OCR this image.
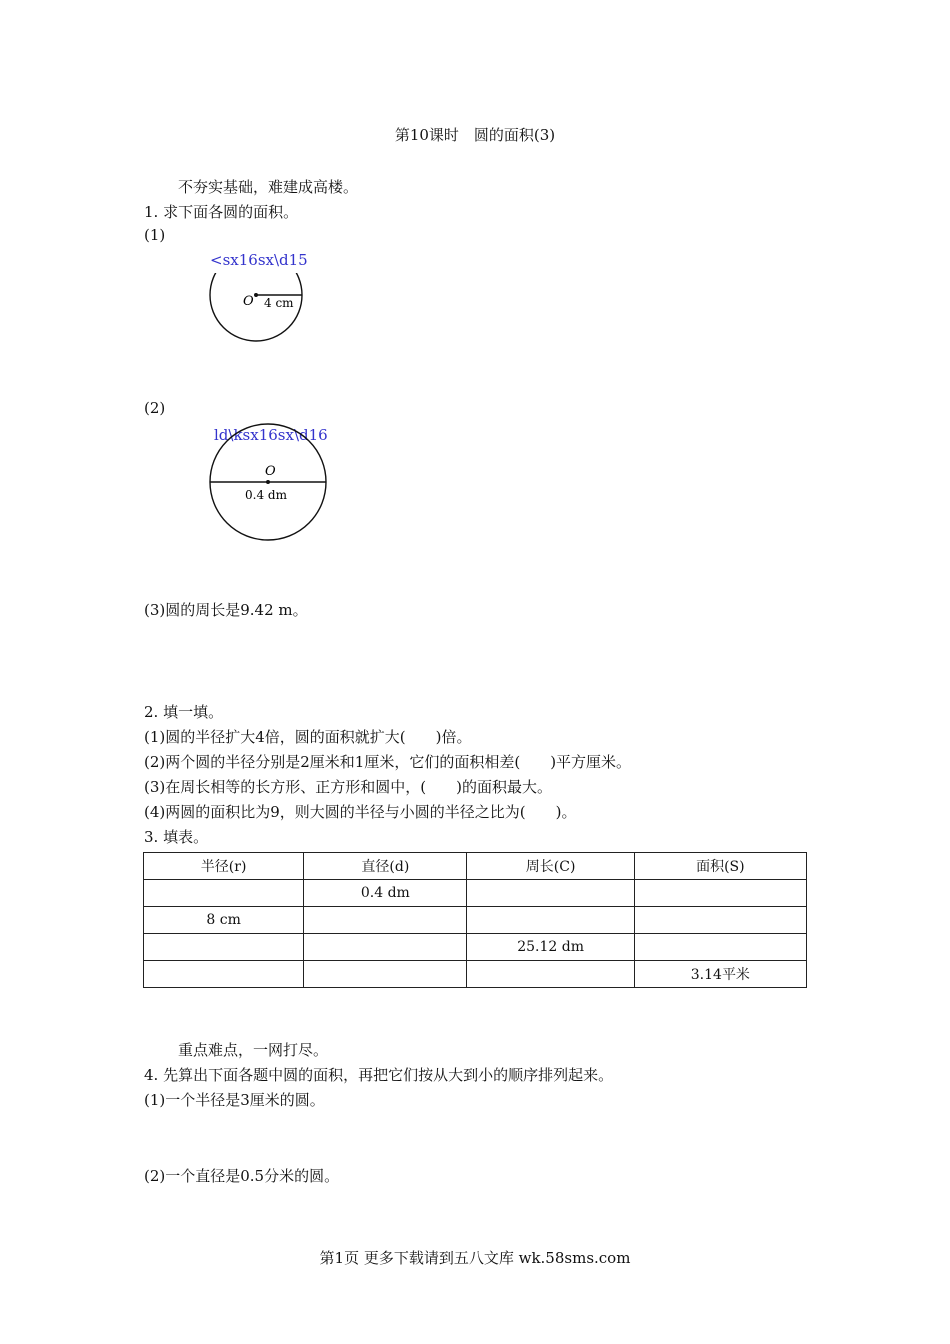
第10课时　圆的面积(3)
不夯实基础，难建成高楼。
1. 求下面各圆的面积。
(1)
<sx16sx\d15
O 4 cm
(2)
ld\ksx16sx\d16
O
0.4 dm
(3)圆的周长是9.42 m。
2. 填一填。
(1)圆的半径扩大4倍，圆的面积就扩大(　　)倍。
(2)两个圆的半径分别是2厘米和1厘米，它们的面积相差(　　)平方厘米。
(3)在周长相等的长方形、正方形和圆中，(　　)的面积最大。
(4)两圆的面积比为9，则大圆的半径与小圆的半径之比为(　　)。
3. 填表。
半径(r)	直径(d)	周长(C)	面积(S)
	0.4 dm		
8 cm			
		25.12 dm	
			3.14平米
重点难点，一网打尽。
4. 先算出下面各题中圆的面积，再把它们按从大到小的顺序排列起来。
(1)一个半径是3厘米的圆。
(2)一个直径是0.5分米的圆。
第1页 更多下载请到五八文库 wk.58sms.com
